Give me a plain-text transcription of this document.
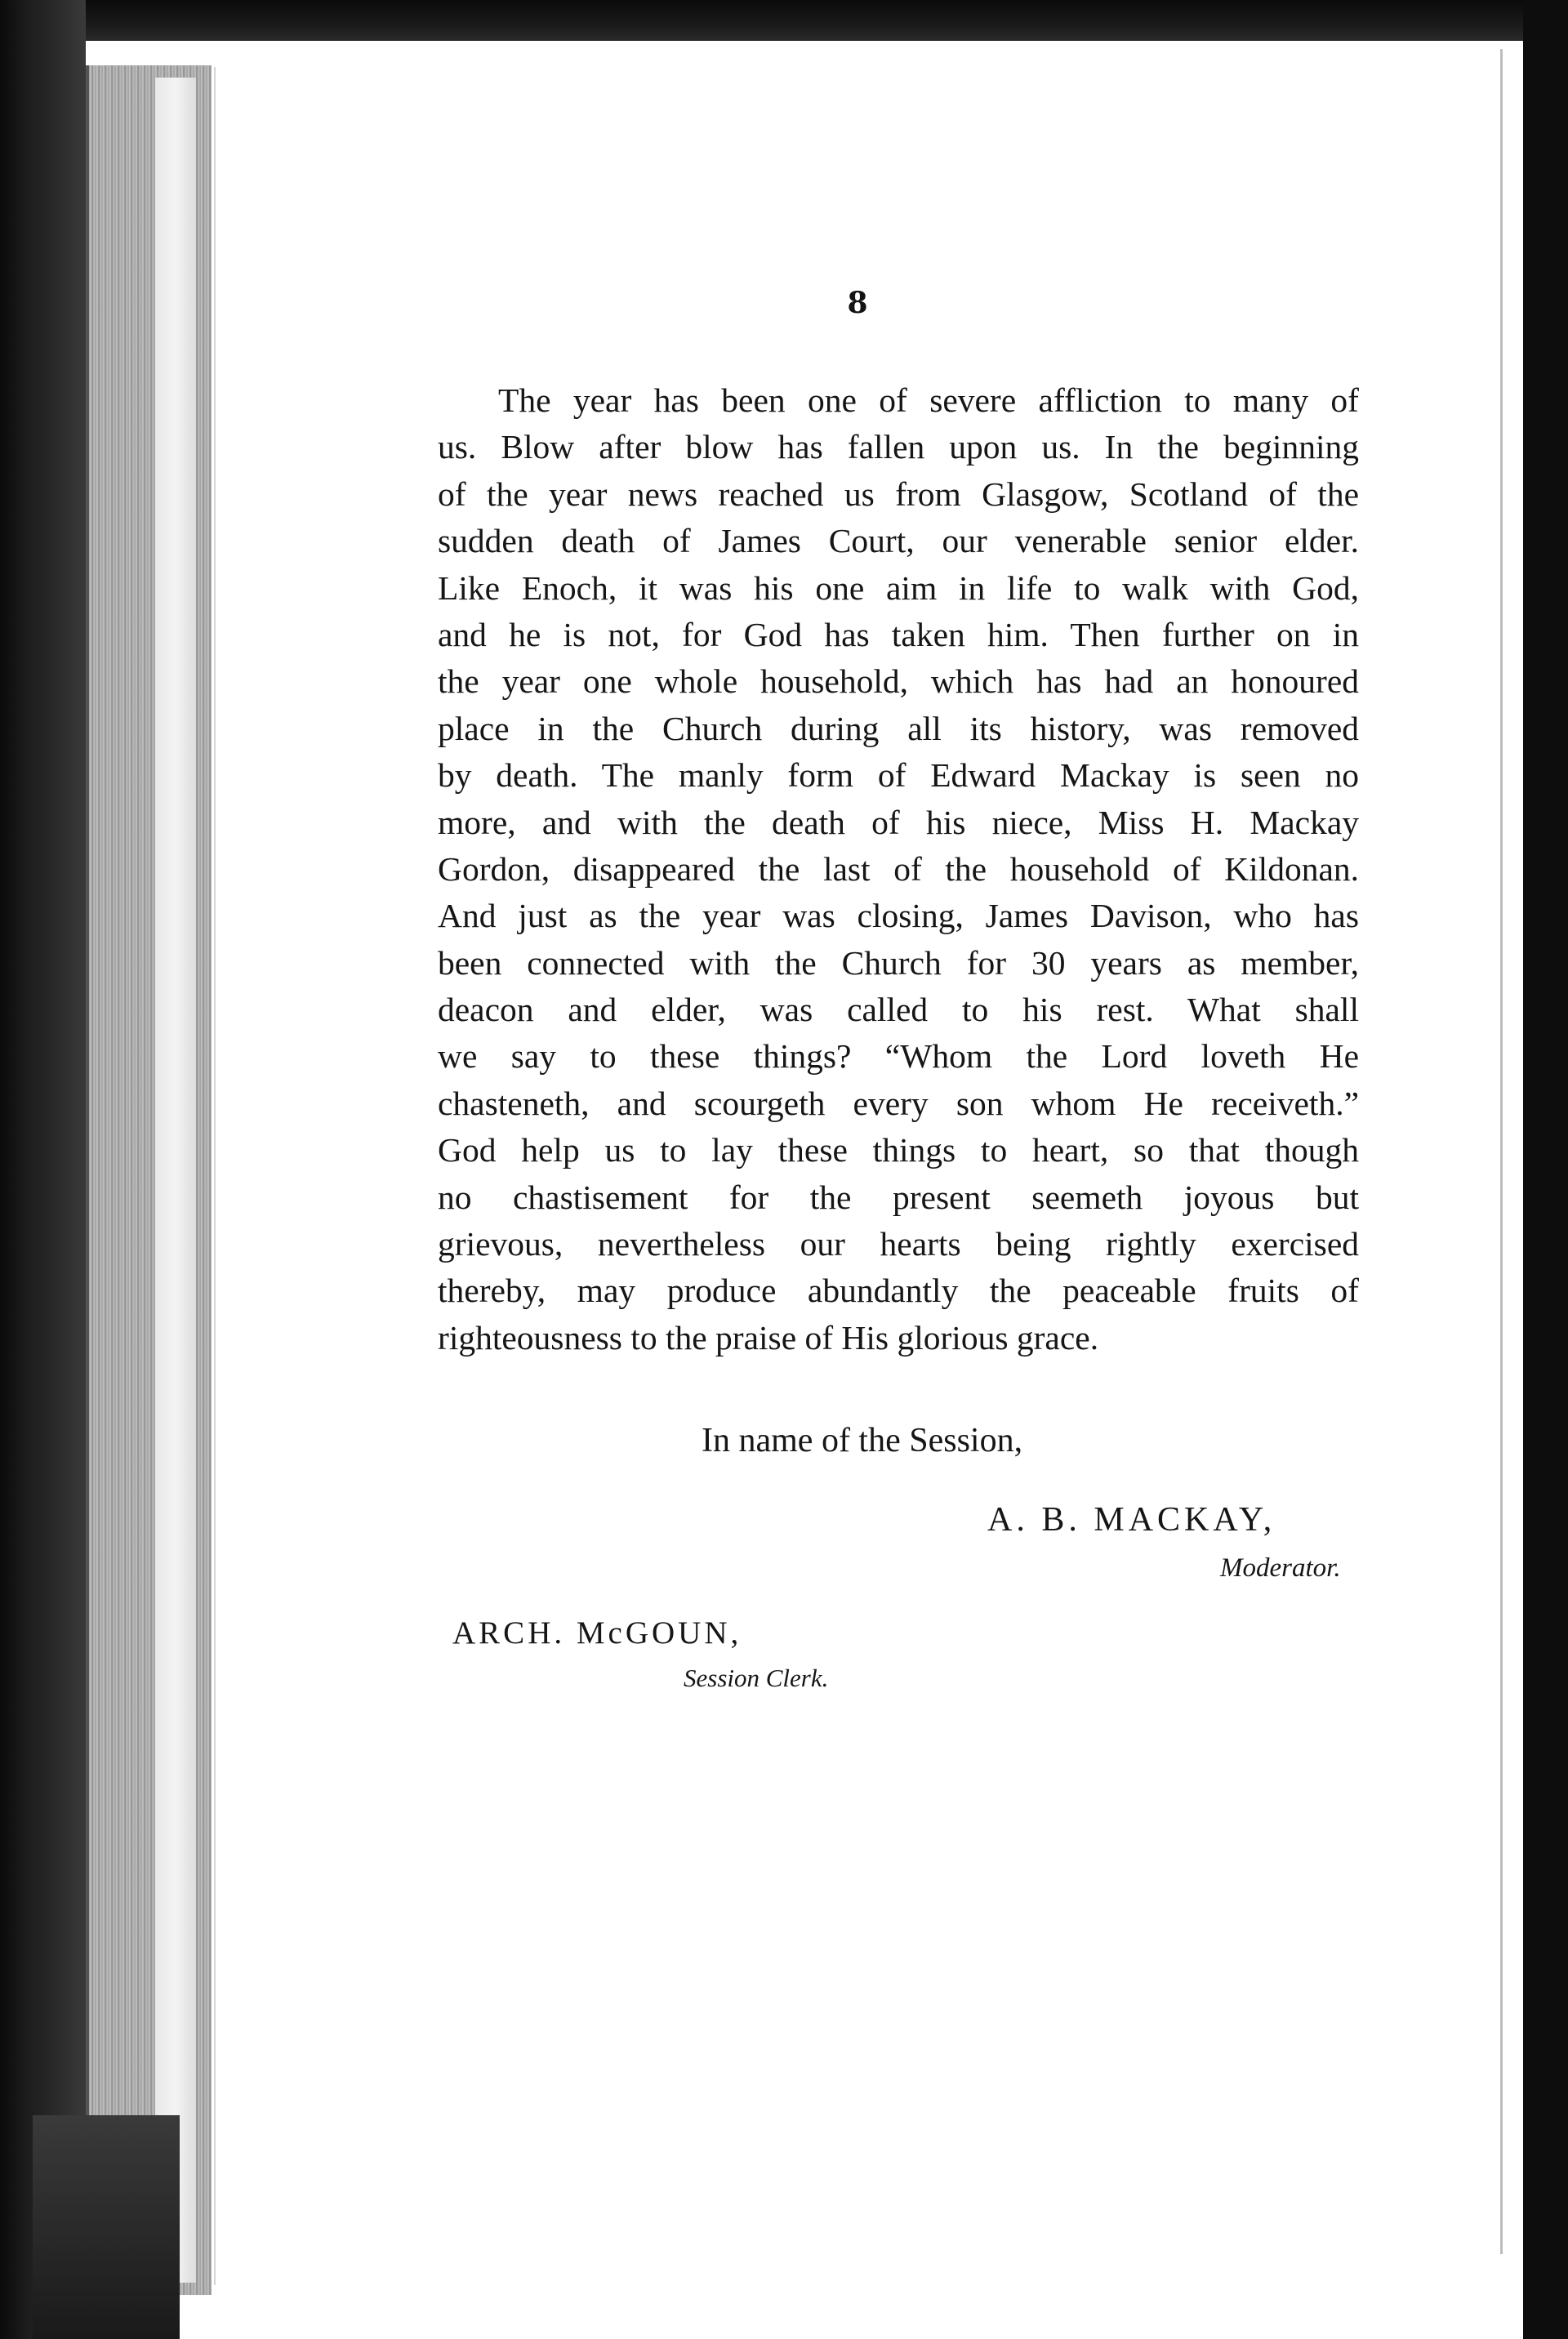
8
The year has been one of severe affliction to many of
us. Blow after blow has fallen upon us. In the beginning
of the year news reached us from Glasgow, Scotland of the
sudden death of James Court, our venerable senior elder.
Like Enoch, it was his one aim in life to walk with God,
and he is not, for God has taken him. Then further on in
the year one whole household, which has had an honoured
place in the Church during all its history, was removed
by death. The manly form of Edward Mackay is seen no
more, and with the death of his niece, Miss H. Mackay
Gordon, disappeared the last of the household of Kildonan.
And just as the year was closing, James Davison, who has
been connected with the Church for 30 years as member,
deacon and elder, was called to his rest. What shall
we say to these things? “Whom the Lord loveth He
chasteneth, and scourgeth every son whom He receiveth.”
God help us to lay these things to heart, so that though
no chastisement for the present seemeth joyous but
grievous, nevertheless our hearts being rightly exercised
thereby, may produce abundantly the peaceable fruits of
righteousness to the praise of His glorious grace.
In name of the Session,
A. B. MACKAY,
Moderator.
ARCH. McGOUN,
Session Clerk.
